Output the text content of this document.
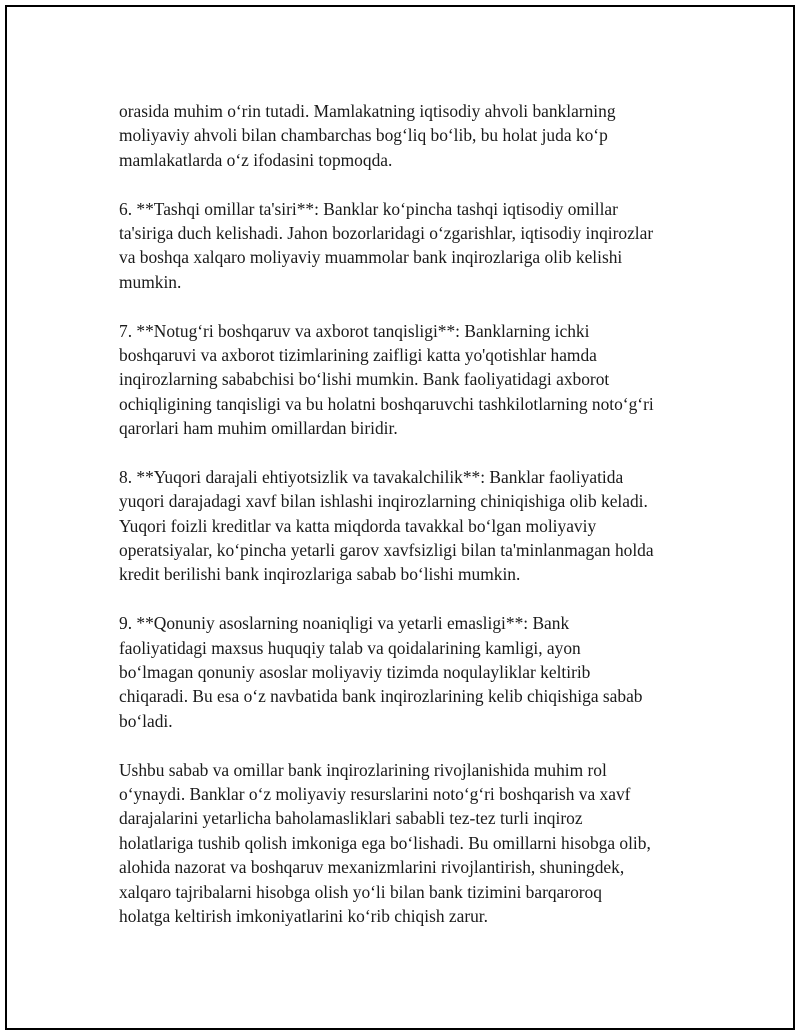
orasida muhim o‘rin tutadi. Mamlakatning iqtisodiy ahvoli banklarning
moliyaviy ahvoli bilan chambarchas bog‘liq bo‘lib, bu holat juda ko‘p
mamlakatlarda o‘z ifodasini topmoqda.

6. **Tashqi omillar ta'siri**: Banklar ko‘pincha tashqi iqtisodiy omillar
ta'siriga duch kelishadi. Jahon bozorlaridagi o‘zgarishlar, iqtisodiy inqirozlar
va boshqa xalqaro moliyaviy muammolar bank inqirozlariga olib kelishi
mumkin.

7. **Notug‘ri boshqaruv va axborot tanqisligi**: Banklarning ichki
boshqaruvi va axborot tizimlarining zaifligi katta yo'qotishlar hamda
inqirozlarning sababchisi bo‘lishi mumkin. Bank faoliyatidagi axborot
ochiqligining tanqisligi va bu holatni boshqaruvchi tashkilotlarning noto‘g‘ri
qarorlari ham muhim omillardan biridir.

8. **Yuqori darajali ehtiyotsizlik va tavakalchilik**: Banklar faoliyatida
yuqori darajadagi xavf bilan ishlashi inqirozlarning chiniqishiga olib keladi.
Yuqori foizli kreditlar va katta miqdorda tavakkal bo‘lgan moliyaviy
operatsiyalar, ko‘pincha yetarli garov xavfsizligi bilan ta'minlanmagan holda
kredit berilishi bank inqirozlariga sabab bo‘lishi mumkin.

9. **Qonuniy asoslarning noaniqligi va yetarli emasligi**: Bank
faoliyatidagi maxsus huquqiy talab va qoidalarining kamligi, ayon
bo‘lmagan qonuniy asoslar moliyaviy tizimda noqulayliklar keltirib
chiqaradi. Bu esa o‘z navbatida bank inqirozlarining kelib chiqishiga sabab
bo‘ladi.

Ushbu sabab va omillar bank inqirozlarining rivojlanishida muhim rol
o‘ynaydi. Banklar o‘z moliyaviy resurslarini noto‘g‘ri boshqarish va xavf
darajalarini yetarlicha baholamasliklari sababli tez-tez turli inqiroz
holatlariga tushib qolish imkoniga ega bo‘lishadi. Bu omillarni hisobga olib,
alohida nazorat va boshqaruv mexanizmlarini rivojlantirish, shuningdek,
xalqaro tajribalarni hisobga olish yo‘li bilan bank tizimini barqaroroq
holatga keltirish imkoniyatlarini ko‘rib chiqish zarur.
